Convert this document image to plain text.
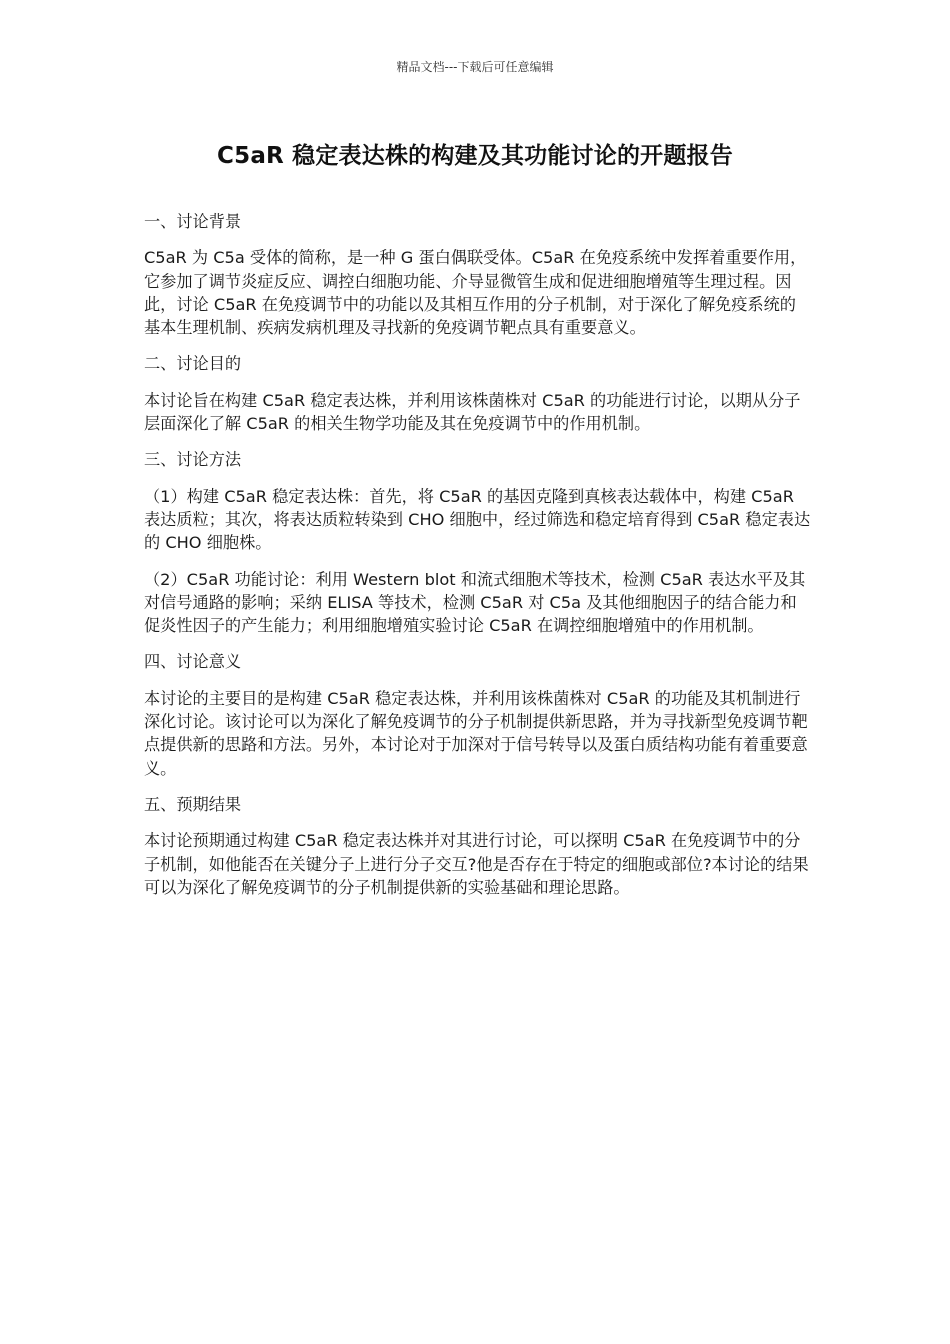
精品文档---下载后可任意编辑
C5aR 稳定表达株的构建及其功能讨论的开题报告

一、讨论背景

C5aR 为 C5a 受体的简称，是一种 G 蛋白偶联受体。C5aR 在免疫系统中发挥着重要作用，它参加了调节炎症反应、调控白细胞功能、介导显微管生成和促进细胞增殖等生理过程。因此，讨论 C5aR 在免疫调节中的功能以及其相互作用的分子机制，对于深化了解免疫系统的基本生理机制、疾病发病机理及寻找新的免疫调节靶点具有重要意义。

二、讨论目的

本讨论旨在构建 C5aR 稳定表达株，并利用该株菌株对 C5aR 的功能进行讨论，以期从分子层面深化了解 C5aR 的相关生物学功能及其在免疫调节中的作用机制。

三、讨论方法

（1）构建 C5aR 稳定表达株：首先，将 C5aR 的基因克隆到真核表达载体中，构建 C5aR 表达质粒；其次，将表达质粒转染到 CHO 细胞中，经过筛选和稳定培育得到 C5aR 稳定表达的 CHO 细胞株。

（2）C5aR 功能讨论：利用 Western blot 和流式细胞术等技术，检测 C5aR 表达水平及其对信号通路的影响；采纳 ELISA 等技术，检测 C5aR 对 C5a 及其他细胞因子的结合能力和促炎性因子的产生能力；利用细胞增殖实验讨论 C5aR 在调控细胞增殖中的作用机制。

四、讨论意义

本讨论的主要目的是构建 C5aR 稳定表达株，并利用该株菌株对 C5aR 的功能及其机制进行深化讨论。该讨论可以为深化了解免疫调节的分子机制提供新思路，并为寻找新型免疫调节靶点提供新的思路和方法。另外，本讨论对于加深对于信号转导以及蛋白质结构功能有着重要意义。

五、预期结果

本讨论预期通过构建 C5aR 稳定表达株并对其进行讨论，可以探明 C5aR 在免疫调节中的分子机制，如他能否在关键分子上进行分子交互?他是否存在于特定的细胞或部位?本讨论的结果可以为深化了解免疫调节的分子机制提供新的实验基础和理论思路。
